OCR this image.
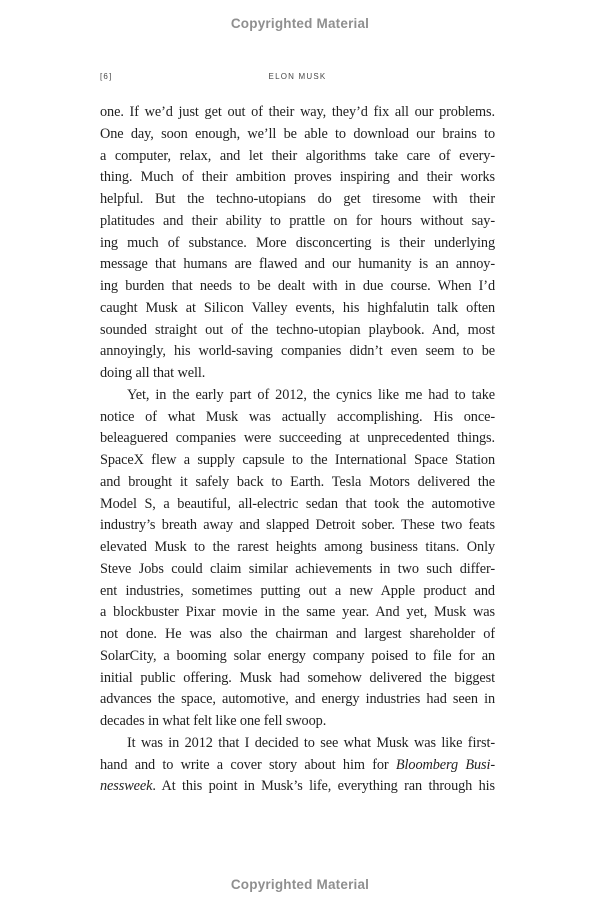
Copyrighted Material
[6]	ELON MUSK
one. If we’d just get out of their way, they’d fix all our problems.
One day, soon enough, we’ll be able to download our brains to
a computer, relax, and let their algorithms take care of every-
thing. Much of their ambition proves inspiring and their works
helpful. But the techno-utopians do get tiresome with their
platitudes and their ability to prattle on for hours without say-
ing much of substance. More disconcerting is their underlying
message that humans are flawed and our humanity is an annoy-
ing burden that needs to be dealt with in due course. When I’d
caught Musk at Silicon Valley events, his highfalutin talk often
sounded straight out of the techno-utopian playbook. And, most
annoyingly, his world-saving companies didn’t even seem to be
doing all that well.
Yet, in the early part of 2012, the cynics like me had to take
notice of what Musk was actually accomplishing. His once-
beleaguered companies were succeeding at unprecedented things.
SpaceX flew a supply capsule to the International Space Station
and brought it safely back to Earth. Tesla Motors delivered the
Model S, a beautiful, all-electric sedan that took the automotive
industry’s breath away and slapped Detroit sober. These two feats
elevated Musk to the rarest heights among business titans. Only
Steve Jobs could claim similar achievements in two such differ-
ent industries, sometimes putting out a new Apple product and
a blockbuster Pixar movie in the same year. And yet, Musk was
not done. He was also the chairman and largest shareholder of
SolarCity, a booming solar energy company poised to file for an
initial public offering. Musk had somehow delivered the biggest
advances the space, automotive, and energy industries had seen in
decades in what felt like one fell swoop.
It was in 2012 that I decided to see what Musk was like first-
hand and to write a cover story about him for Bloomberg Busi-
nessweek. At this point in Musk’s life, everything ran through his
Copyrighted Material
